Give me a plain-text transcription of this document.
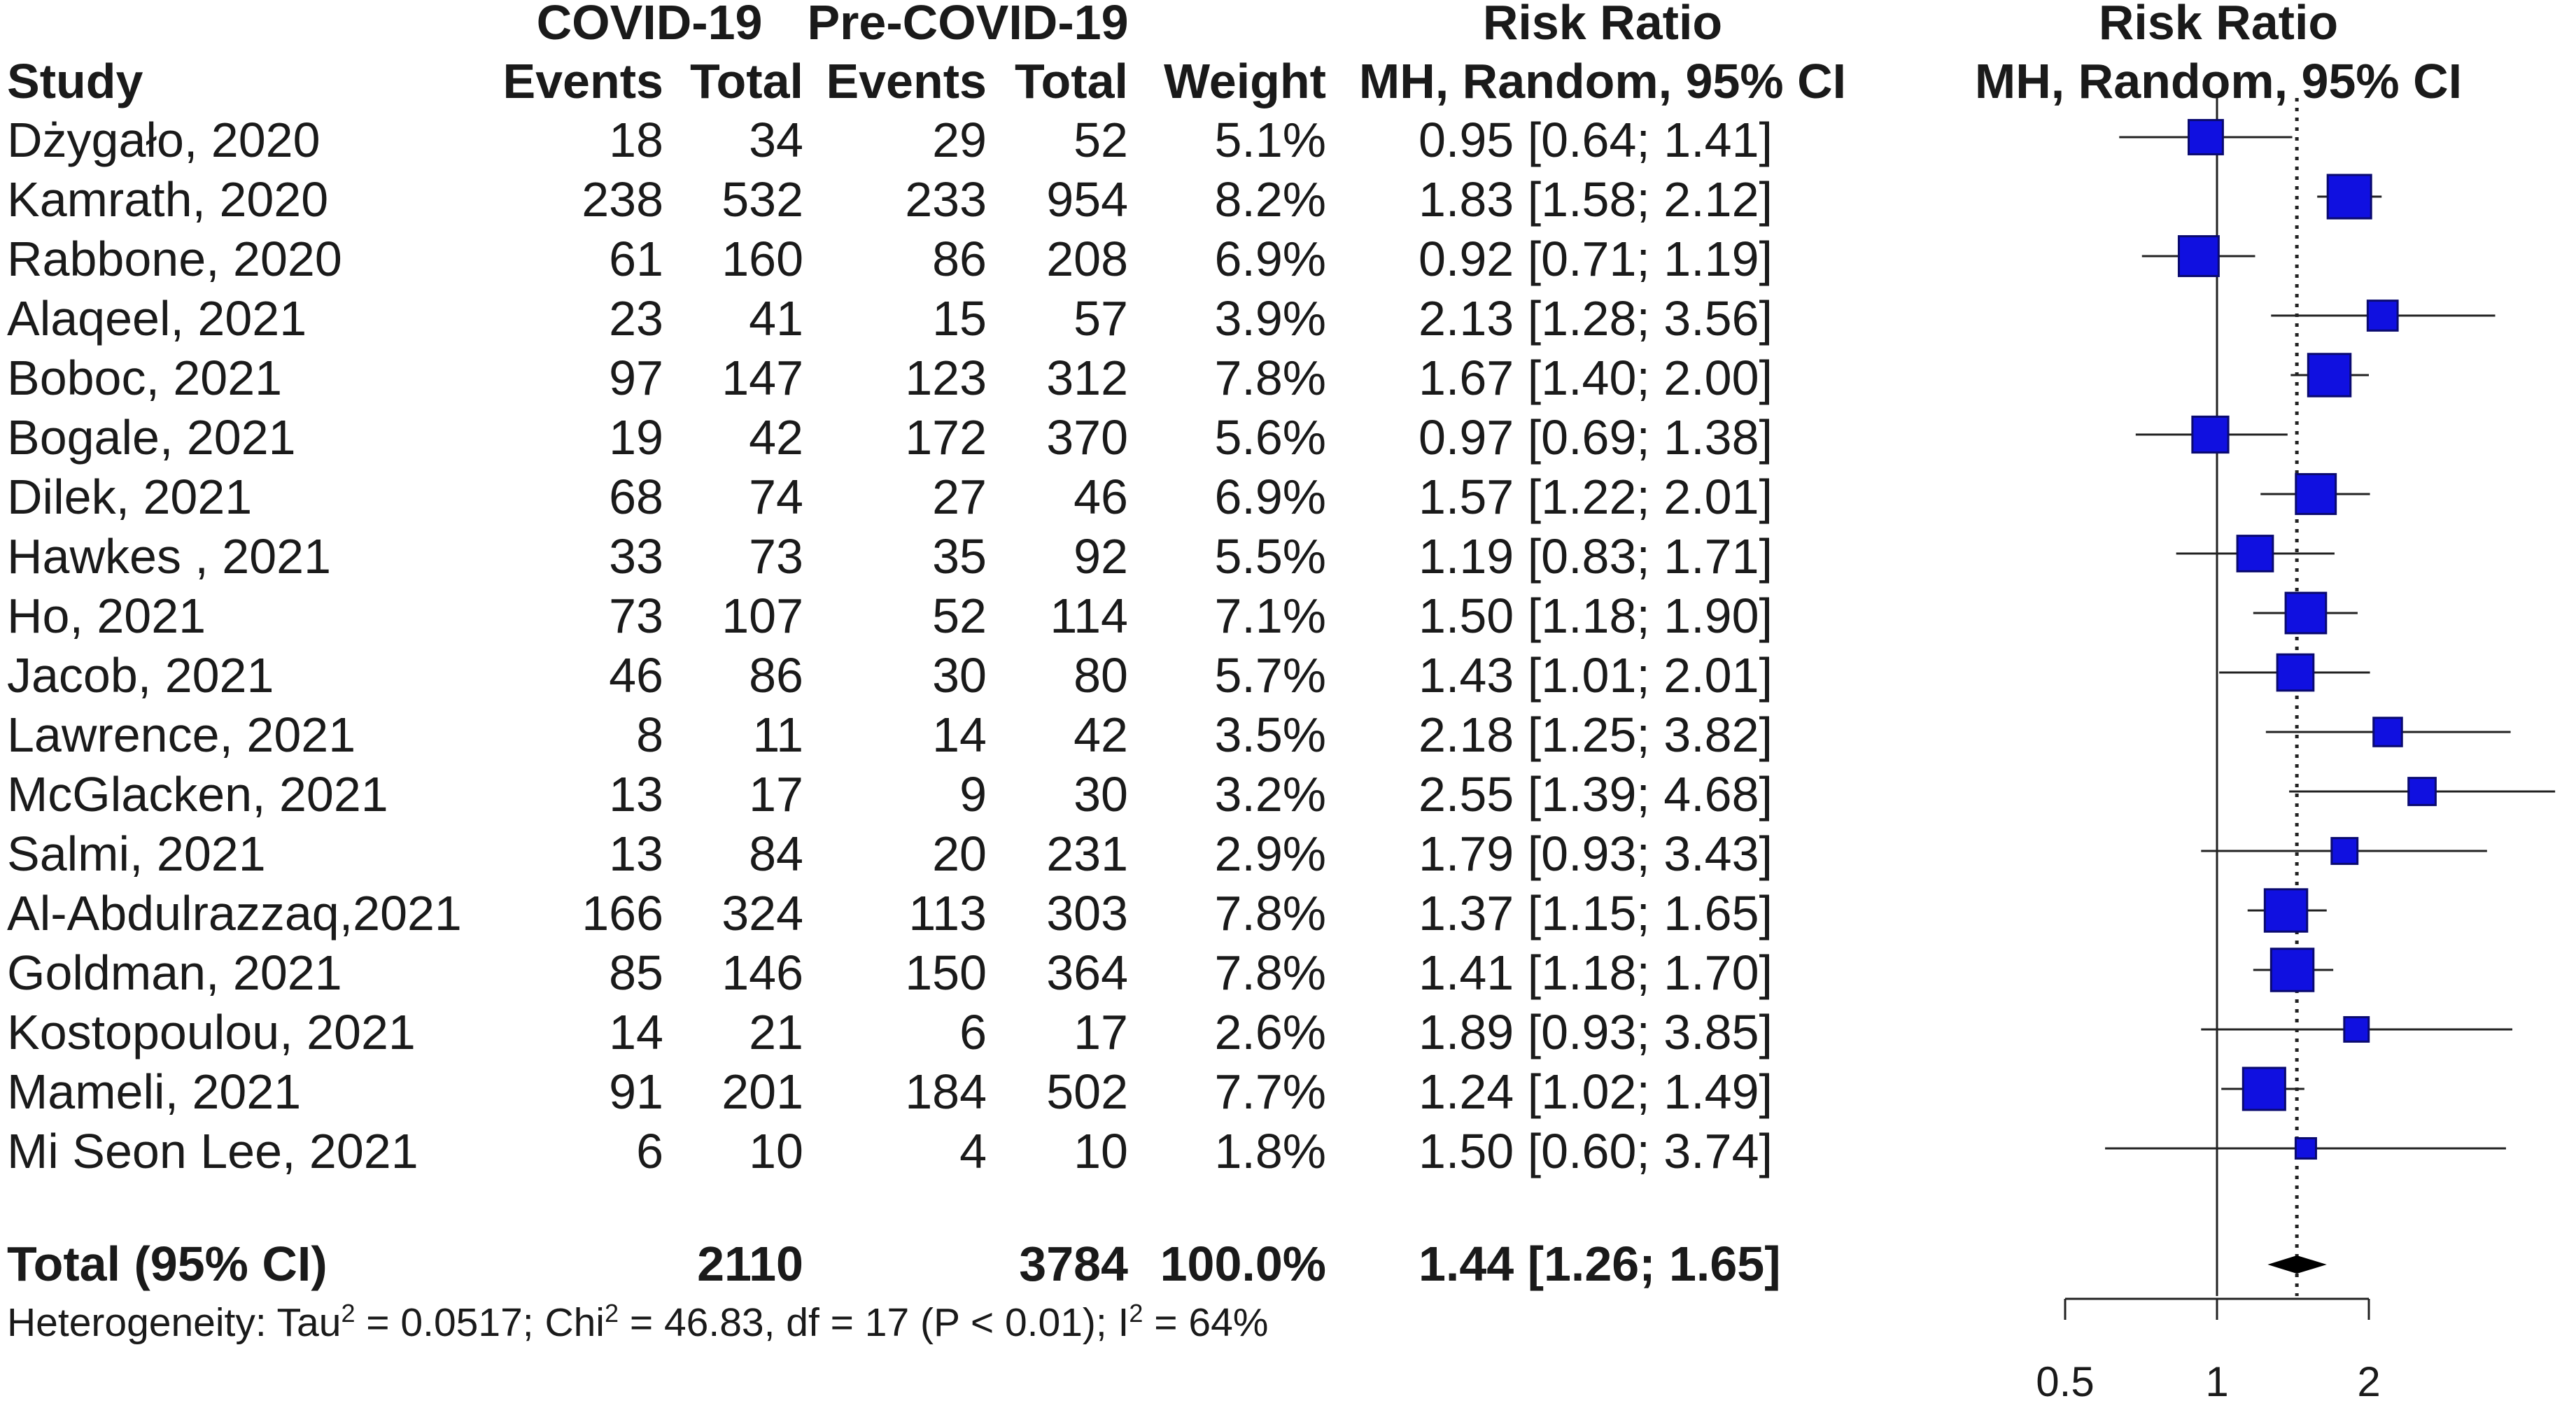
COVID-19 Pre-COVID-19	Risk Ratio	Risk Ratio
Study	Events Total Events Total Weight MH, Random, 95% CI	MH, Random, 95% CI
Dżygało, 2020	18	34	29	52	5.1% 0.95 [0.64; 1.41]
Kamrath, 2020	238	532	233	954	8.2% 1.83 [1.58; 2.12]
Rabbone, 2020	61	160	86	208	6.9% 0.92 [0.71; 1.19]
Alaqeel, 2021	23	41	15	57	3.9% 2.13 [1.28; 3.56]
Boboc, 2021	97	147	123	312	7.8% 1.67 [1.40; 2.00]
Bogale, 2021	19	42	172	370	5.6% 0.97 [0.69; 1.38]
Dilek, 2021	68	74	27	46	6.9% 1.57 [1.22; 2.01]
Hawkes , 2021	33	73	35	92	5.5% 1.19 [0.83; 1.71]
Ho, 2021	73	107	52	114	7.1% 1.50 [1.18; 1.90]
Jacob, 2021	46	86	30	80	5.7% 1.43 [1.01; 2.01]
Lawrence, 2021	8	11	14	42	3.5% 2.18 [1.25; 3.82]
McGlacken, 2021	13	17	9	30	3.2% 2.55 [1.39; 4.68]
Salmi, 2021	13	84	20	231	2.9% 1.79 [0.93; 3.43]
Al-Abdulrazzaq,2021	166	324	113	303	7.8% 1.37 [1.15; 1.65]
Goldman, 2021	85	146	150	364	7.8% 1.41 [1.18; 1.70]
Kostopoulou, 2021	14	21	6	17	2.6% 1.89 [0.93; 3.85]
Mameli, 2021	91	201	184	502	7.7% 1.24 [1.02; 1.49]
Mi Seon Lee, 2021	6	10	4	10	1.8% 1.50 [0.60; 3.74]
Total (95% CI)	2110	3784 100.0% 1.44 [1.26; 1.65]
Heterogeneity: Tau$^2$ = 0.0517; Chi$^2$ = 46.83, df = 17 (P < 0.01); $I^2 = 64\%$
0.5	1	2
